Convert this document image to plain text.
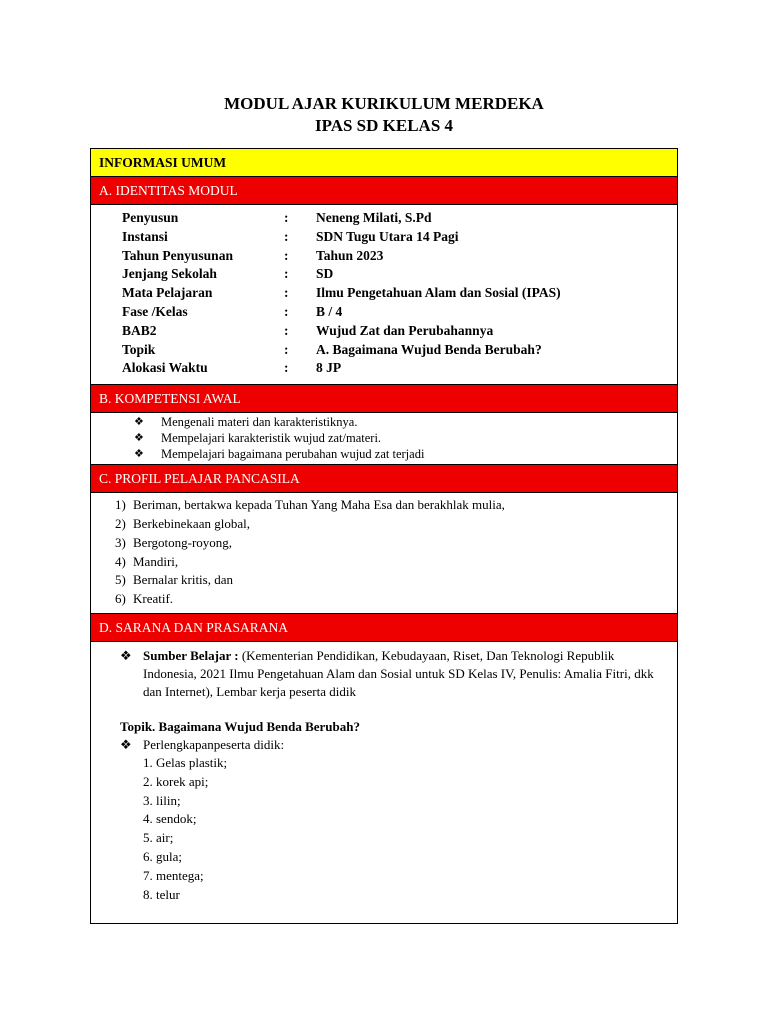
MODUL AJAR KURIKULUM MERDEKA
IPAS SD KELAS 4
INFORMASI UMUM
A. IDENTITAS MODUL
Penyusun	:	Neneng Milati, S.Pd
Instansi	:	SDN Tugu Utara 14 Pagi
Tahun Penyusunan	:	Tahun 2023
Jenjang Sekolah	:	SD
Mata Pelajaran	:	Ilmu Pengetahuan Alam dan Sosial (IPAS)
Fase /Kelas	:	B / 4
BAB2	:	Wujud Zat dan Perubahannya
Topik	:	A. Bagaimana Wujud Benda Berubah?
Alokasi Waktu	:	8 JP
B. KOMPETENSI AWAL
❖	Mengenali materi dan karakteristiknya.
❖	Mempelajari karakteristik wujud zat/materi.
❖	Mempelajari bagaimana perubahan wujud zat terjadi
C. PROFIL PELAJAR PANCASILA
1) Beriman, bertakwa kepada Tuhan Yang Maha Esa dan berakhlak mulia,
2) Berkebinekaan global,
3) Bergotong-royong,
4) Mandiri,
5) Bernalar kritis, dan
6) Kreatif.
D. SARANA DAN PRASARANA
❖ Sumber Belajar : (Kementerian Pendidikan, Kebudayaan, Riset, Dan Teknologi Republik Indonesia, 2021 Ilmu Pengetahuan Alam dan Sosial untuk SD Kelas IV, Penulis: Amalia Fitri, dkk dan Internet), Lembar kerja peserta didik
Topik. Bagaimana Wujud Benda Berubah?
❖ Perlengkapanpeserta didik:
1. Gelas plastik;
2. korek api;
3. lilin;
4. sendok;
5. air;
6. gula;
7. mentega;
8. telur
